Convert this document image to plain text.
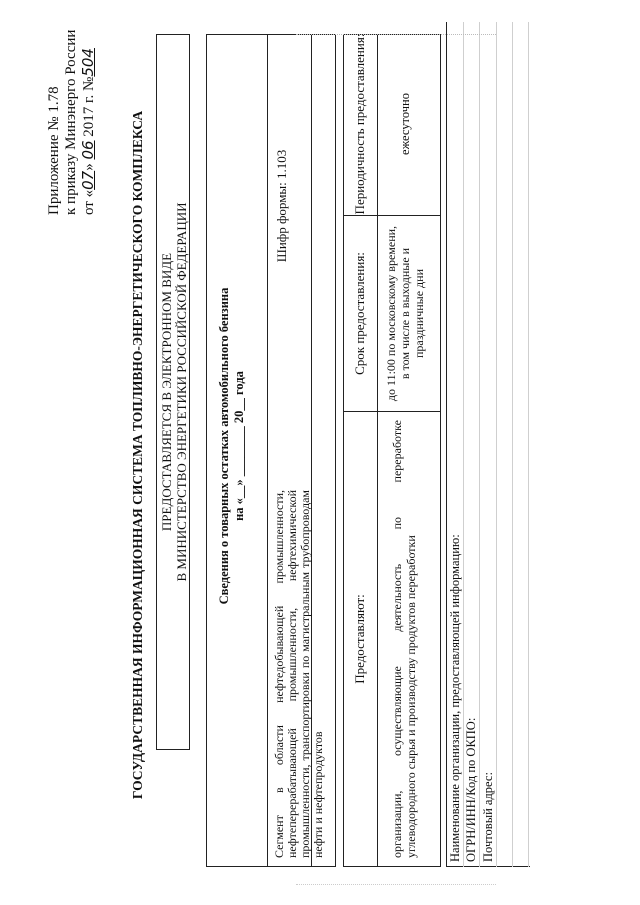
Приложение № 1.78 к приказу Минэнерго России от «07» 06 2017 г. №504
ГОСУДАРСТВЕННАЯ ИНФОРМАЦИОННАЯ СИСТЕМА ТОПЛИВНО-ЭНЕРГЕТИЧЕСКОГО КОМПЛЕКСА ПРЕДОСТАВЛЯЕТСЯ В ЭЛЕКТРОННОМ ВИДЕ В МИНИСТЕРСТВО ЭНЕРГЕТИКИ РОССИЙСКОЙ ФЕДЕРАЦИИ Сведения о товарных остатках автомобильного бензина на «__» ________ 20__ года
Шифр формы: 1.103
Сегмент в области нефтедобывающей промышленности, нефтеперерабатывающей промышленности, нефтехимической промышленности, транспортировки по магистральным трубопроводам нефти и нефтепродуктов
Предоставляют:
Срок предоставления:
Периодичность предоставления:
организации, осуществляющие деятельность по переработке углеводородного сырья и производству продуктов переработки
до 11:00 по московскому времени, в том числе в выходные и праздничные дни
ежесуточно
Наименование организации, предоставляющей информацию: ОГРН/ИНН/Код по ОКПО: Почтовый адрес:
